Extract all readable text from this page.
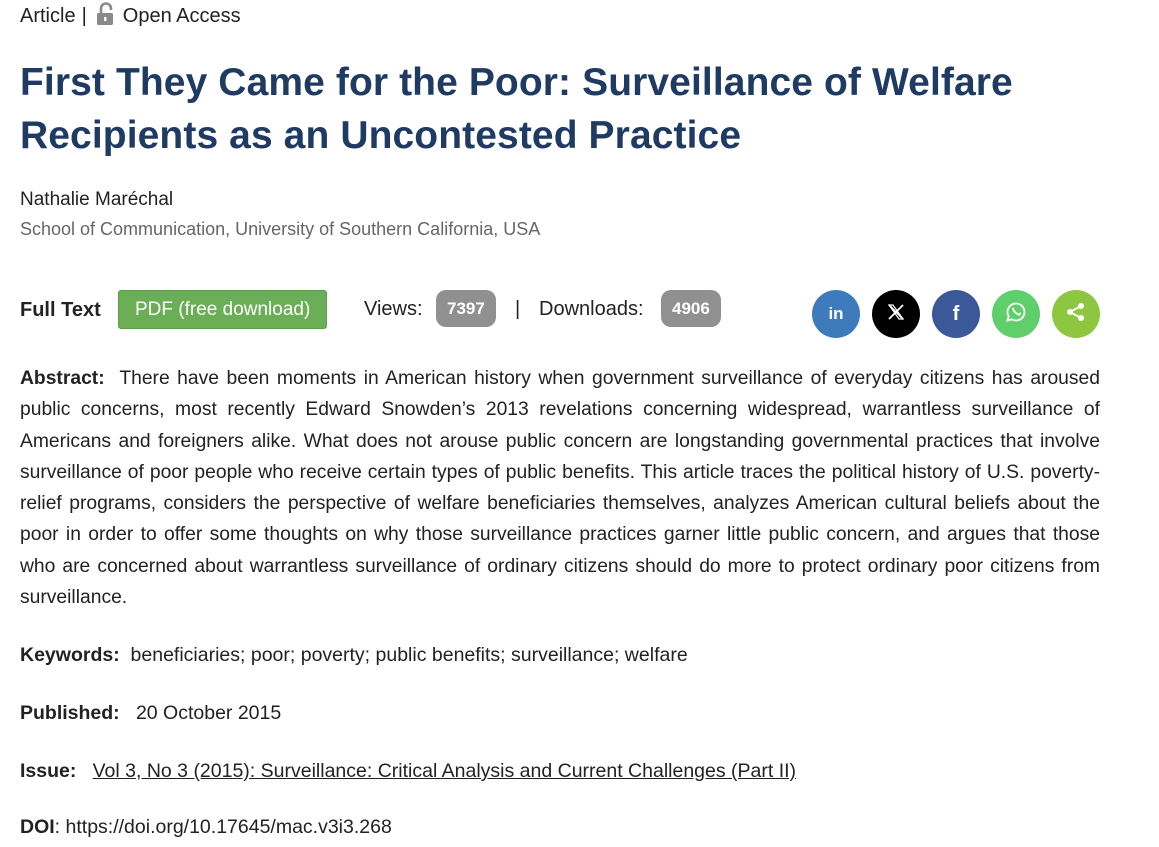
Article | Open Access
First They Came for the Poor: Surveillance of Welfare Recipients as an Uncontested Practice
Nathalie Maréchal
School of Communication, University of Southern California, USA
Full Text	PDF (free download)	Views:	7397	| Downloads:	4906	in	f

Abstract: There have been moments in American history when government surveillance of everyday citizens has aroused public concerns, most recently Edward Snowden’s 2013 revelations concerning widespread, warrantless surveillance of Americans and foreigners alike. What does not arouse public concern are longstanding governmental practices that involve surveillance of poor people who receive certain types of public benefits. This article traces the political history of U.S. poverty-relief programs, considers the perspective of welfare beneficiaries themselves, analyzes American cultural beliefs about the poor in order to offer some thoughts on why those surveillance practices garner little public concern, and argues that those who are concerned about warrantless surveillance of ordinary citizens should do more to protect ordinary poor citizens from surveillance.

Keywords: beneficiaries; poor; poverty; public benefits; surveillance; welfare
Published: 20 October 2015
Issue: Vol 3, No 3 (2015): Surveillance: Critical Analysis and Current Challenges (Part II)
DOI: https://doi.org/10.17645/mac.v3i3.268
